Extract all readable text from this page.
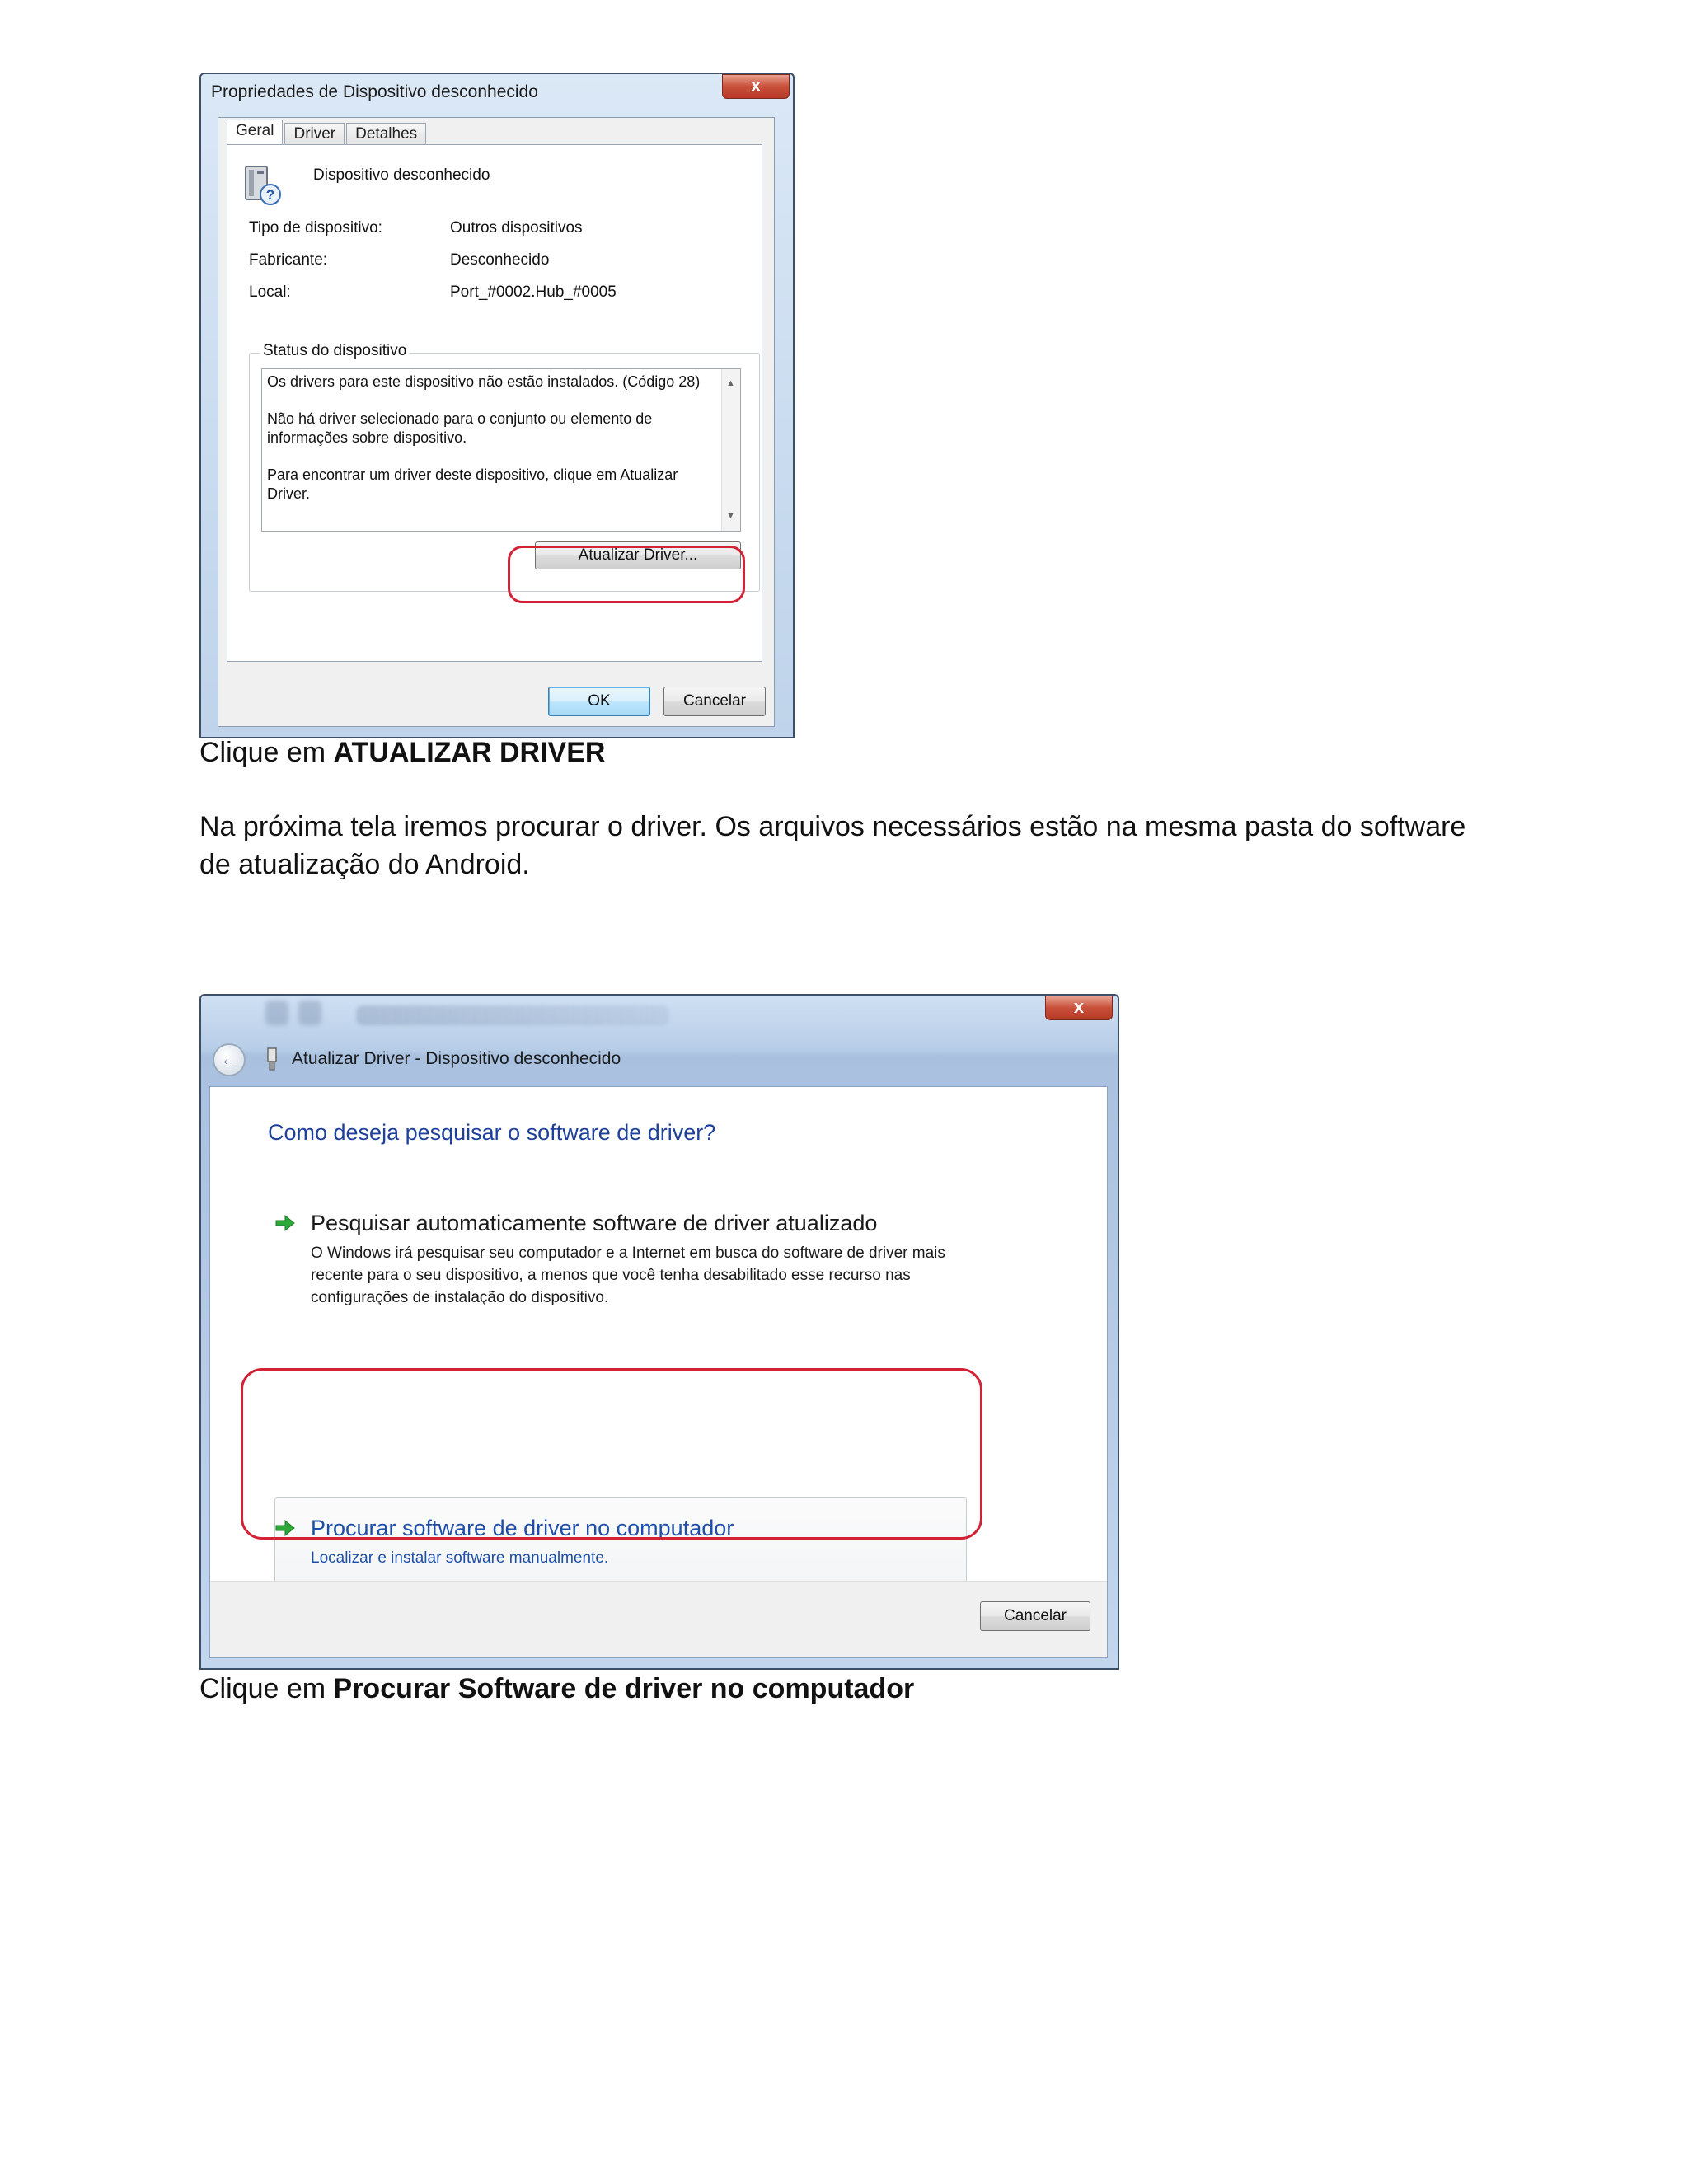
Propriedades de Dispositivo desconhecido	x
Geral	Driver	Detalhes
?
Dispositivo desconhecido
Tipo de dispositivo:	Outros dispositivos
Fabricante:	Desconhecido
Local:	Port_#0002.Hub_#0005
Status do dispositivo

Os drivers para este dispositivo não estão instalados. (Código 28)

Não há driver selecionado para o conjunto ou elemento de informações sobre dispositivo.

Para encontrar um driver deste dispositivo, clique em Atualizar Driver.

▲
▼
Atualizar Driver...
OK	Cancelar
Clique em ATUALIZAR DRIVER
Na próxima tela iremos procurar o driver. Os arquivos necessários estão na mesma pasta do software de atualização do Android.
x
←	Atualizar Driver - Dispositivo desconhecido
Como deseja pesquisar o software de driver?
Pesquisar automaticamente software de driver atualizado
O Windows irá pesquisar seu computador e a Internet em busca do software de driver mais recente para o seu dispositivo, a menos que você tenha desabilitado esse recurso nas configurações de instalação do dispositivo.
Procurar software de driver no computador
Localizar e instalar software manualmente.
Cancelar
Clique em Procurar Software de driver no computador
